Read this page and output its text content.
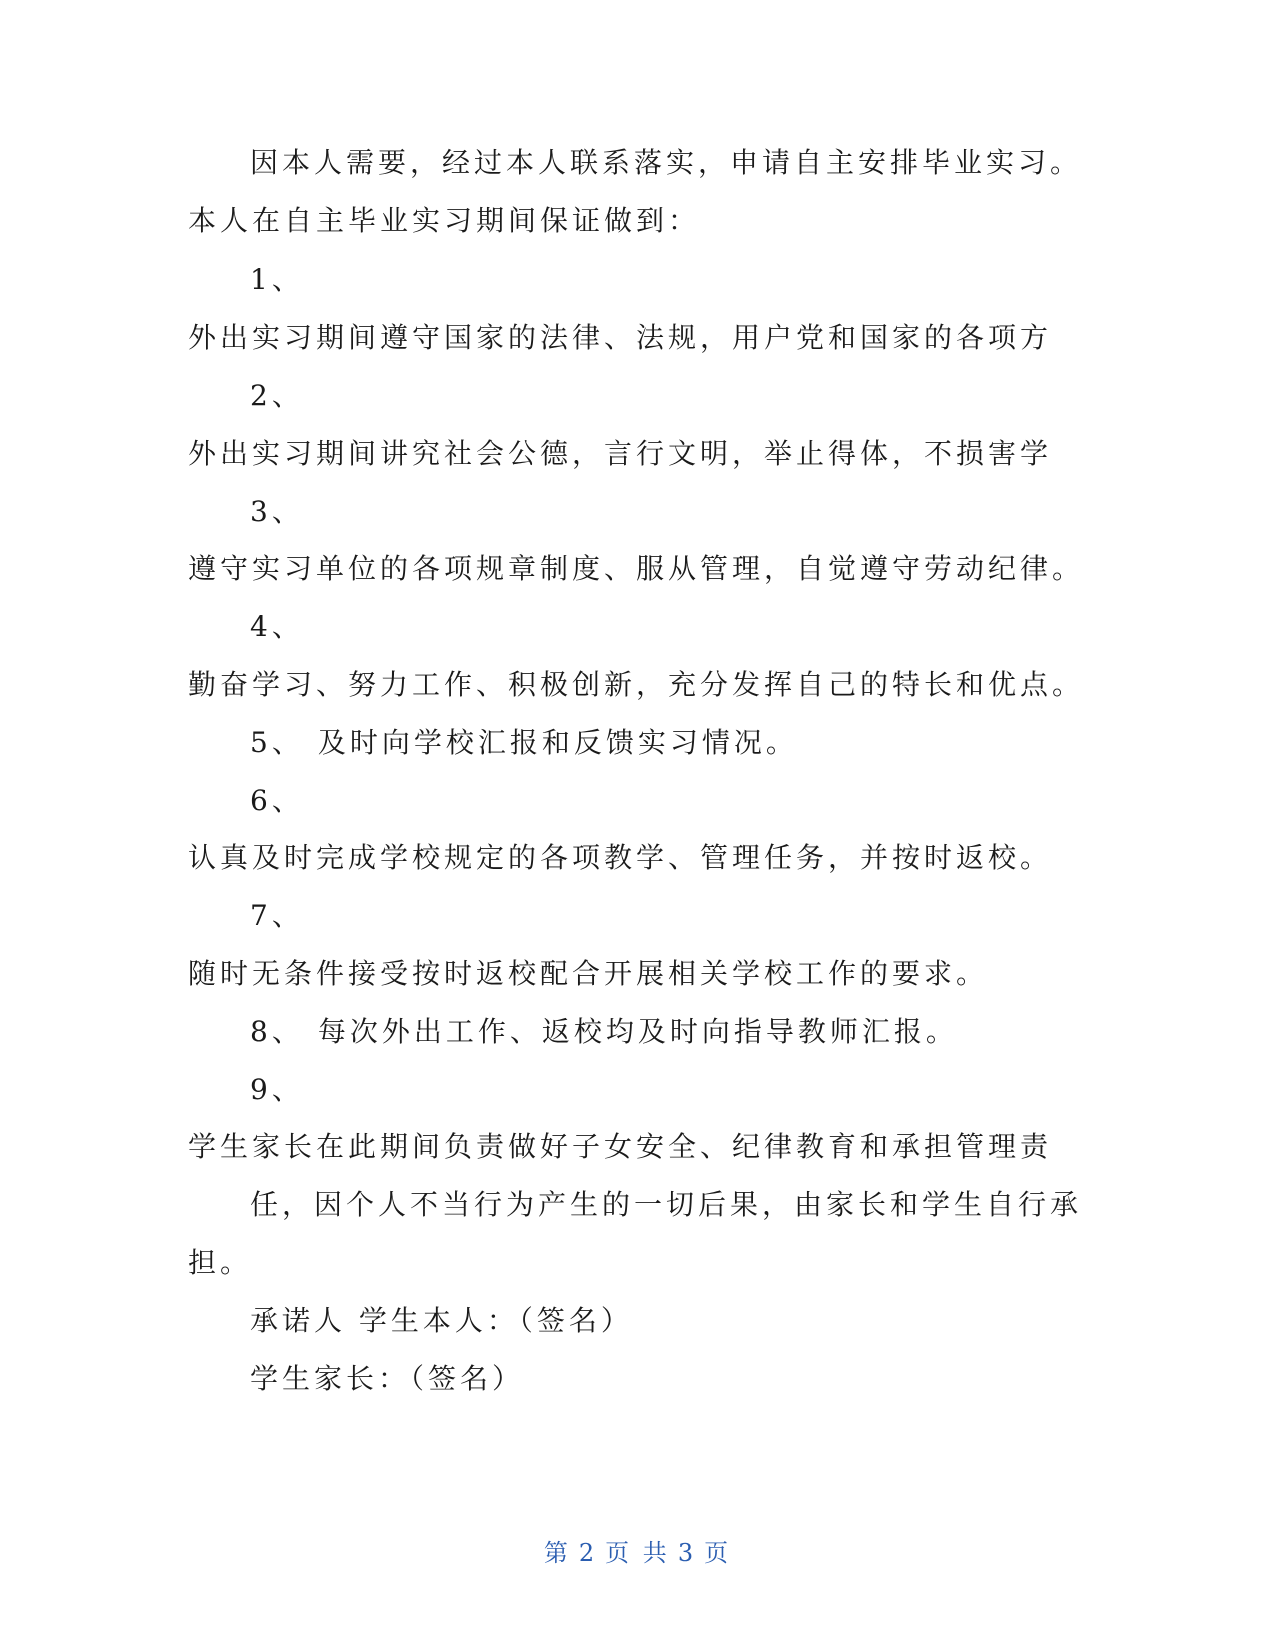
因本人需要，经过本人联系落实，申请自主安排毕业实习。
本人在自主毕业实习期间保证做到：
1、
外出实习期间遵守国家的法律、法规，用户党和国家的各项方
2、
外出实习期间讲究社会公德，言行文明，举止得体，不损害学
3、
遵守实习单位的各项规章制度、服从管理，自觉遵守劳动纪律。
4、
勤奋学习、努力工作、积极创新，充分发挥自己的特长和优点。
5、 及时向学校汇报和反馈实习情况。
6、
认真及时完成学校规定的各项教学、管理任务，并按时返校。
7、
随时无条件接受按时返校配合开展相关学校工作的要求。
8、 每次外出工作、返校均及时向指导教师汇报。
9、
学生家长在此期间负责做好子女安全、纪律教育和承担管理责
任，因个人不当行为产生的一切后果，由家长和学生自行承
担。
承诺人 学生本人：（签名）
学生家长：（签名）
第 2 页 共 3 页
